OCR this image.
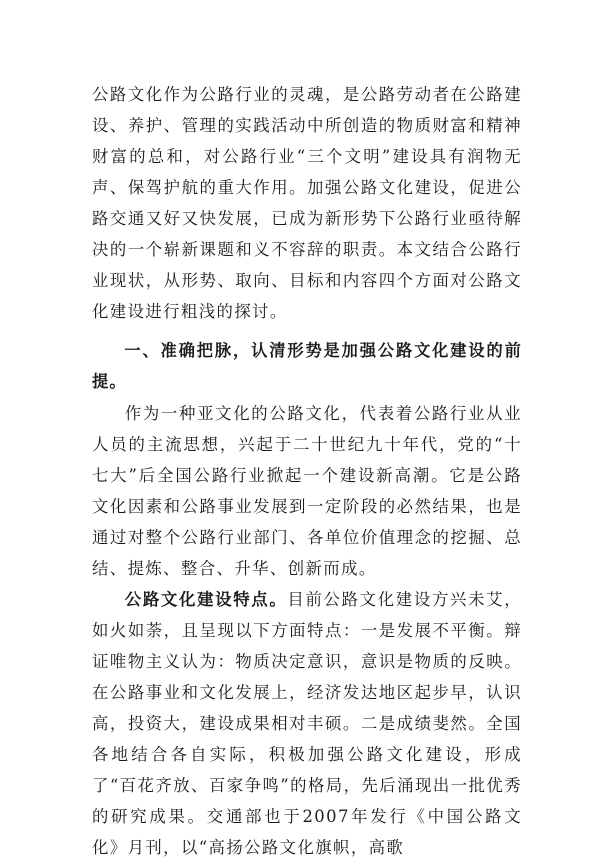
公路文化作为公路行业的灵魂，是公路劳动者在公路建设、养护、管理的实践活动中所创造的物质财富和精神财富的总和，对公路行业“三个文明”建设具有润物无声、保驾护航的重大作用。加强公路文化建设，促进公路交通又好又快发展，已成为新形势下公路行业亟待解决的一个崭新课题和义不容辞的职责。本文结合公路行业现状，从形势、取向、目标和内容四个方面对公路文化建设进行粗浅的探讨。

一、准确把脉，认清形势是加强公路文化建设的前提。

作为一种亚文化的公路文化，代表着公路行业从业人员的主流思想，兴起于二十世纪九十年代，党的“十七大”后全国公路行业掀起一个建设新高潮。它是公路文化因素和公路事业发展到一定阶段的必然结果，也是通过对整个公路行业部门、各单位价值理念的挖掘、总结、提炼、整合、升华、创新而成。

公路文化建设特点。目前公路文化建设方兴未艾，如火如荼，且呈现以下方面特点：一是发展不平衡。辩证唯物主义认为：物质决定意识，意识是物质的反映。在公路事业和文化发展上，经济发达地区起步早，认识高，投资大，建设成果相对丰硕。二是成绩斐然。全国各地结合各自实际，积极加强公路文化建设，形成了“百花齐放、百家争鸣”的格局，先后涌现出一批优秀的研究成果。交通部也于2007年发行《中国公路文化》月刊，以“高扬公路文化旗帜，高歌
